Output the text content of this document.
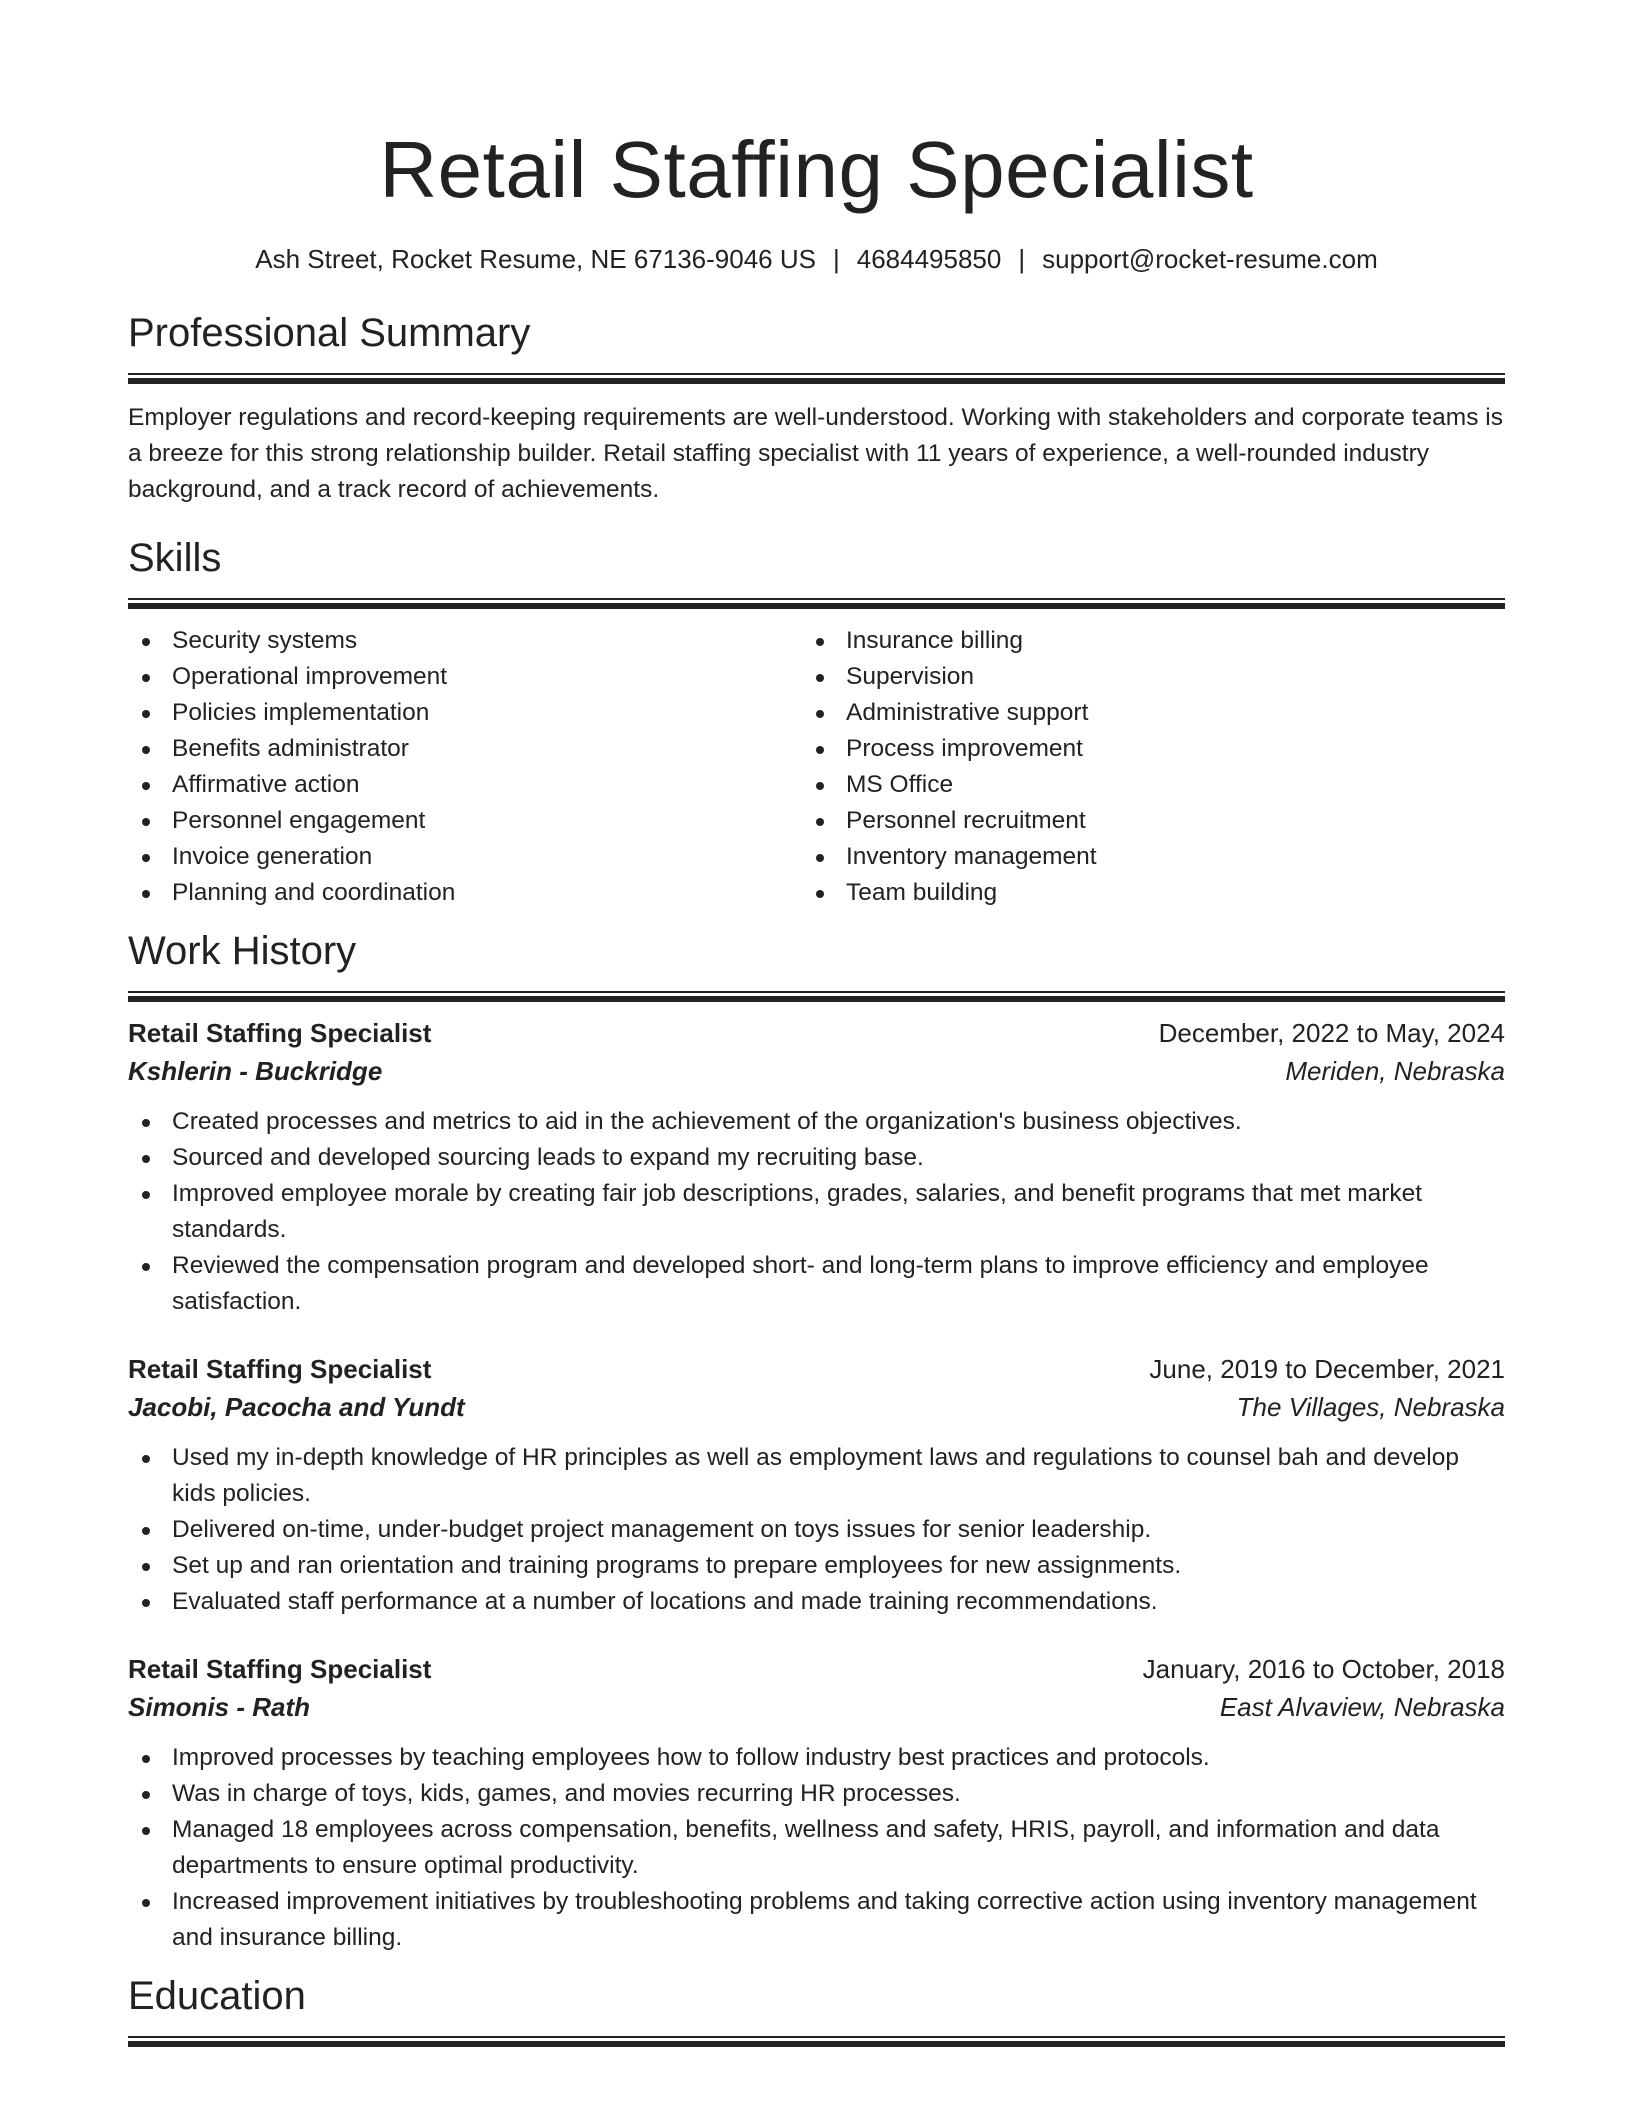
Retail Staffing Specialist
Ash Street, Rocket Resume, NE 67136-9046 US | 4684495850 | support@rocket-resume.com
Professional Summary

Employer regulations and record-keeping requirements are well-understood. Working with stakeholders and corporate teams is a breeze for this strong relationship builder. Retail staffing specialist with 11 years of experience, a well-rounded industry background, and a track record of achievements.

Skills
Security systems
Operational improvement
Policies implementation
Benefits administrator
Affirmative action
Personnel engagement
Invoice generation
Planning and coordination
Insurance billing
Supervision
Administrative support
Process improvement
MS Office
Personnel recruitment
Inventory management
Team building
Work History
Retail Staffing Specialist	December, 2022 to May, 2024
Kshlerin - Buckridge	Meriden, Nebraska
Created processes and metrics to aid in the achievement of the organization's business objectives.
Sourced and developed sourcing leads to expand my recruiting base.
Improved employee morale by creating fair job descriptions, grades, salaries, and benefit programs that met market standards.
Reviewed the compensation program and developed short- and long-term plans to improve efficiency and employee satisfaction.
Retail Staffing Specialist	June, 2019 to December, 2021
Jacobi, Pacocha and Yundt	The Villages, Nebraska
Used my in-depth knowledge of HR principles as well as employment laws and regulations to counsel bah and develop kids policies.
Delivered on-time, under-budget project management on toys issues for senior leadership.
Set up and ran orientation and training programs to prepare employees for new assignments.
Evaluated staff performance at a number of locations and made training recommendations.
Retail Staffing Specialist	January, 2016 to October, 2018
Simonis - Rath	East Alvaview, Nebraska
Improved processes by teaching employees how to follow industry best practices and protocols.
Was in charge of toys, kids, games, and movies recurring HR processes.
Managed 18 employees across compensation, benefits, wellness and safety, HRIS, payroll, and information and data departments to ensure optimal productivity.
Increased improvement initiatives by troubleshooting problems and taking corrective action using inventory management and insurance billing.
Education
